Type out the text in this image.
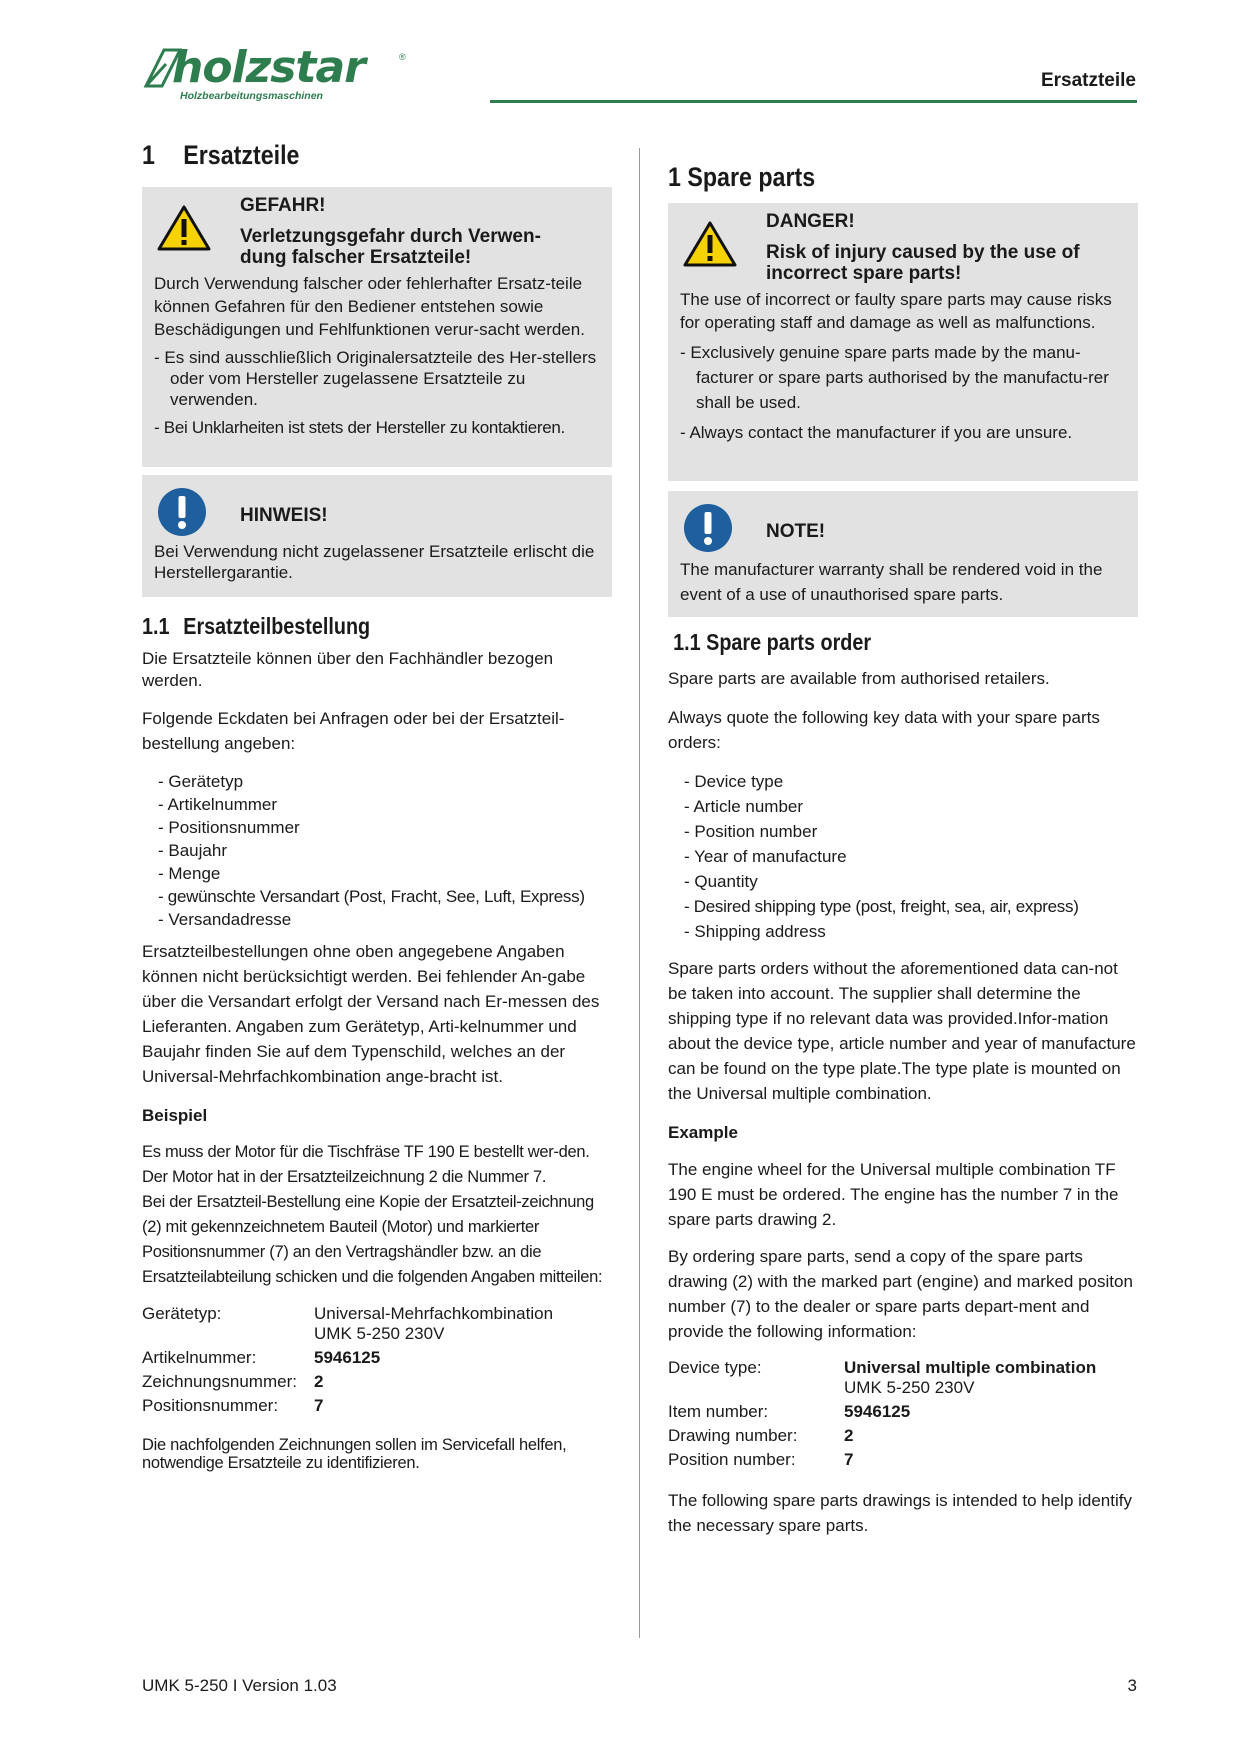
holzstar	®
Holzbearbeitungsmaschinen
Ersatzteile
1 Ersatzteile
GEFAHR!
Verletzungsgefahr durch Verwen-
dung falscher Ersatzteile!

Durch Verwendung falscher oder fehlerhafter Ersatz-teile können Gefahren für den Bediener entstehen sowie Beschädigungen und Fehlfunktionen verur-sacht werden.

- Es sind ausschließlich Originalersatzteile des Her-stellers oder vom Hersteller zugelassene Ersatzteile zu verwenden.
- Bei Unklarheiten ist stets der Hersteller zu kontaktieren.
HINWEIS!

Bei Verwendung nicht zugelassener Ersatzteile erlischt die Herstellergarantie.

1.1 Ersatzteilbestellung

Die Ersatzteile können über den Fachhändler bezogen werden.

Folgende Eckdaten bei Anfragen oder bei der Ersatzteil-bestellung angeben:

- Gerätetyp
- Artikelnummer
- Positionsnummer
- Baujahr
- Menge
- gewünschte Versandart (Post, Fracht, See, Luft, Express)
- Versandadresse

Ersatzteilbestellungen ohne oben angegebene Angaben können nicht berücksichtigt werden. Bei fehlender An-gabe über die Versandart erfolgt der Versand nach Er-messen des Lieferanten. Angaben zum Gerätetyp, Arti-kelnummer und Baujahr finden Sie auf dem Typenschild, welches an der Universal-Mehrfachkombination ange-bracht ist.

Beispiel

Es muss der Motor für die Tischfräse TF 190 E bestellt wer-den. Der Motor hat in der Ersatzteilzeichnung 2 die Nummer 7.

Bei der Ersatzteil-Bestellung eine Kopie der Ersatzteil-zeichnung (2) mit gekennzeichnetem Bauteil (Motor) und markierter Positionsnummer (7) an den Vertragshändler bzw. an die Ersatzteilabteilung schicken und die folgenden Angaben mitteilen:

Gerätetyp:	Universal-Mehrfachkombination
UMK 5-250 230V

Artikelnummer:	5946125
Zeichnungsnummer:	2
Positionsnummer:	7

Die nachfolgenden Zeichnungen sollen im Servicefall helfen, notwendige Ersatzteile zu identifizieren.

1 Spare parts
DANGER!
Risk of injury caused by the use of
incorrect spare parts!

The use of incorrect or faulty spare parts may cause risks for operating staff and damage as well as malfunctions.

- Exclusively genuine spare parts made by the manu-facturer or spare parts authorised by the manufactu-rer shall be used.
- Always contact the manufacturer if you are unsure.
NOTE!

The manufacturer warranty shall be rendered void in the event of a use of unauthorised spare parts.

1.1 Spare parts order

Spare parts are available from authorised retailers.

Always quote the following key data with your spare parts orders:

- Device type
- Article number
- Position number
- Year of manufacture
- Quantity
- Desired shipping type (post, freight, sea, air, express)
- Shipping address

Spare parts orders without the aforementioned data can-not be taken into account. The supplier shall determine the shipping type if no relevant data was provided.Infor-mation about the device type, article number and year of manufacture can be found on the type plate.The type plate is mounted on the Universal multiple combination.

Example

The engine wheel for the Universal multiple combination TF 190 E must be ordered. The engine has the number 7 in the spare parts drawing 2.

By ordering spare parts, send a copy of the spare parts drawing (2) with the marked part (engine) and marked positon number (7) to the dealer or spare parts depart-ment and provide the following information:

Device type:	Universal multiple combination
UMK 5-250 230V

Item number:	5946125
Drawing number:	2
Position number:	7

The following spare parts drawings is intended to help identify the necessary spare parts.

UMK 5-250 I Version 1.03	3
